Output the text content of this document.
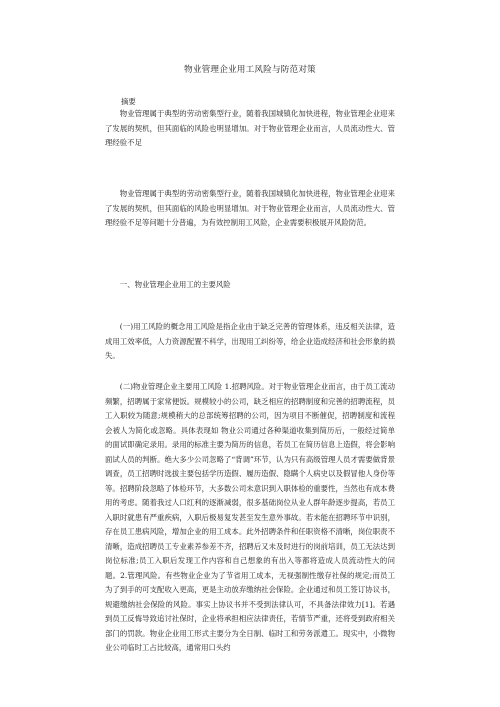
物业管理企业用工风险与防范对策
摘要

物业管理属于典型的劳动密集型行业，随着我国城镇化加快进程，物业管理企业迎来了发展的契机，但其面临的风险也明显增加。对于物业管理企业而言，人员流动性大、管理经验不足

物业管理属于典型的劳动密集型行业，随着我国城镇化加快进程，物业管理企业迎来了发展的契机，但其面临的风险也明显增加。对于物业管理企业而言，人员流动性大、管理经验不足等问题十分普遍，为有效控制用工风险，企业需要积极展开风险防范。

一、物业管理企业用工的主要风险

(一)用工风险的概念用工风险是指企业由于缺乏完善的管理体系，违反相关法律，造成用工效率低，人力资源配置不科学，出现用工纠纷等，给企业造成经济和社会形象的损失。

(二)物业管理企业主要用工风险 1.招聘风险。对于物业管理企业而言，由于员工流动频繁，招聘属于家常便饭。规模较小的公司，缺乏相应的招聘制度和完善的招聘流程，员工入职较为随意;规模稍大的总部统筹招聘的公司，因为项目不断催促，招聘制度和流程会被人为简化或忽略。具体表现如 物业公司通过各种渠道收集到简历后，一般经过简单的面试即确定录用。录用的标准主要为简历的信息，若员工在简历信息上造假，将会影响面试人员的判断。绝大多少公司忽略了“背调”环节，认为只有高级管理人员才需要做背景调查，员工招聘时选拔主要包括学历造假、履历造假、隐瞒个人病史以及假冒他人身份等等。招聘阶段忽略了体检环节，大多数公司未意识到入职体检的重要性，当然也有成本费用的考虑。随着我过人口红利的逐渐减弱，很多基础岗位从业人群年龄逐步提高，若员工入职时就患有严重疾病，入职后极易复发甚至发生意外事故。若未能在招聘环节中识别，存在员工患病风险，增加企业的用工成本。此外招聘条件和任职资格不清晰，岗位职责不清晰，造成招聘员工专业素养参差不齐，招聘后又未及时进行的岗前培训，员工无法达到岗位标准;员工入职后发现工作内容和自己想象的有出入等都将造成人员流动性大的问题。2.管理风险。有些物业企业为了节省用工成本，无视强制性缴存社保的规定;而员工为了到手的可支配收入更高，更是主动放弃缴纳社会保险。企业通过和员工签订协议书，规避缴纳社会保险的风险。事实上协议书并不受到法律认可，不具备法律效力[1]。若遇到员工反悔导致追讨社保时，企业将承担相应法律责任，若情节严重，还将受到政府相关部门的罚款。物业企业用工形式主要分为全日制、临时工和劳务派遣工。现实中，小微物业公司临时工占比较高，通常用口头约
